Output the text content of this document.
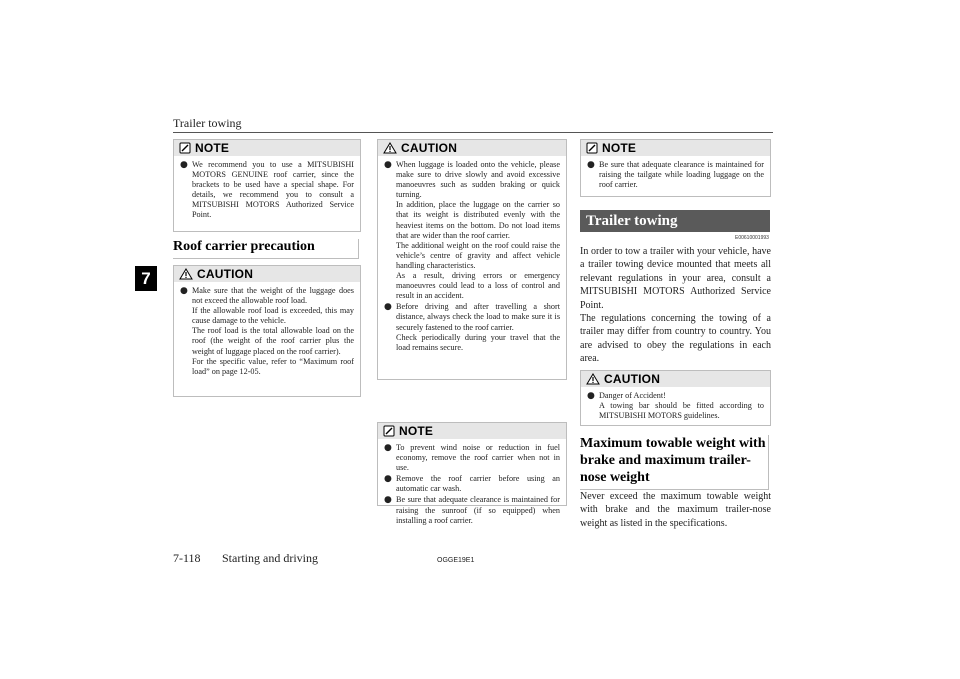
Trailer towing
7
NOTE
● We recommend you to use a MITSUBISHI MOTORS GENUINE roof carrier, since the brackets to be used have a special shape. For details, we recommend you to consult a MITSUBISHI MOTORS Authorized Service Point.
Roof carrier precaution
CAUTION
● Make sure that the weight of the luggage does not exceed the allowable roof load.
If the allowable roof load is exceeded, this may cause damage to the vehicle.
The roof load is the total allowable load on the roof (the weight of the roof carrier plus the weight of luggage placed on the roof carrier).
For the specific value, refer to “Maximum roof load” on page 12-05.
CAUTION
● When luggage is loaded onto the vehicle, please make sure to drive slowly and avoid excessive manoeuvres such as sudden braking or quick turning.
In addition, place the luggage on the carrier so that its weight is distributed evenly with the heaviest items on the bottom. Do not load items that are wider than the roof carrier.
The additional weight on the roof could raise the vehicle’s centre of gravity and affect vehicle handling characteristics.
As a result, driving errors or emergency manoeuvres could lead to a loss of control and result in an accident.
● Before driving and after travelling a short distance, always check the load to make sure it is securely fastened to the roof carrier.
Check periodically during your travel that the load remains secure.
NOTE
● To prevent wind noise or reduction in fuel economy, remove the roof carrier when not in use.
● Remove the roof carrier before using an automatic car wash.
● Be sure that adequate clearance is maintained for raising the sunroof (if so equipped) when installing a roof carrier.
NOTE
● Be sure that adequate clearance is maintained for raising the tailgate while loading luggage on the roof carrier.
Trailer towing
E00610001993
In order to tow a trailer with your vehicle, have a trailer towing device mounted that meets all relevant regulations in your area, consult a MITSUBISHI MOTORS Authorized Service Point.
The regulations concerning the towing of a trailer may differ from country to country. You are advised to obey the regulations in each area.
CAUTION
● Danger of Accident!
A towing bar should be fitted according to MITSUBISHI MOTORS guidelines.
Maximum towable weight with brake and maximum trailer-nose weight
Never exceed the maximum towable weight with brake and the maximum trailer-nose weight as listed in the specifications.
7-118 Starting and driving	OGGE19E1
